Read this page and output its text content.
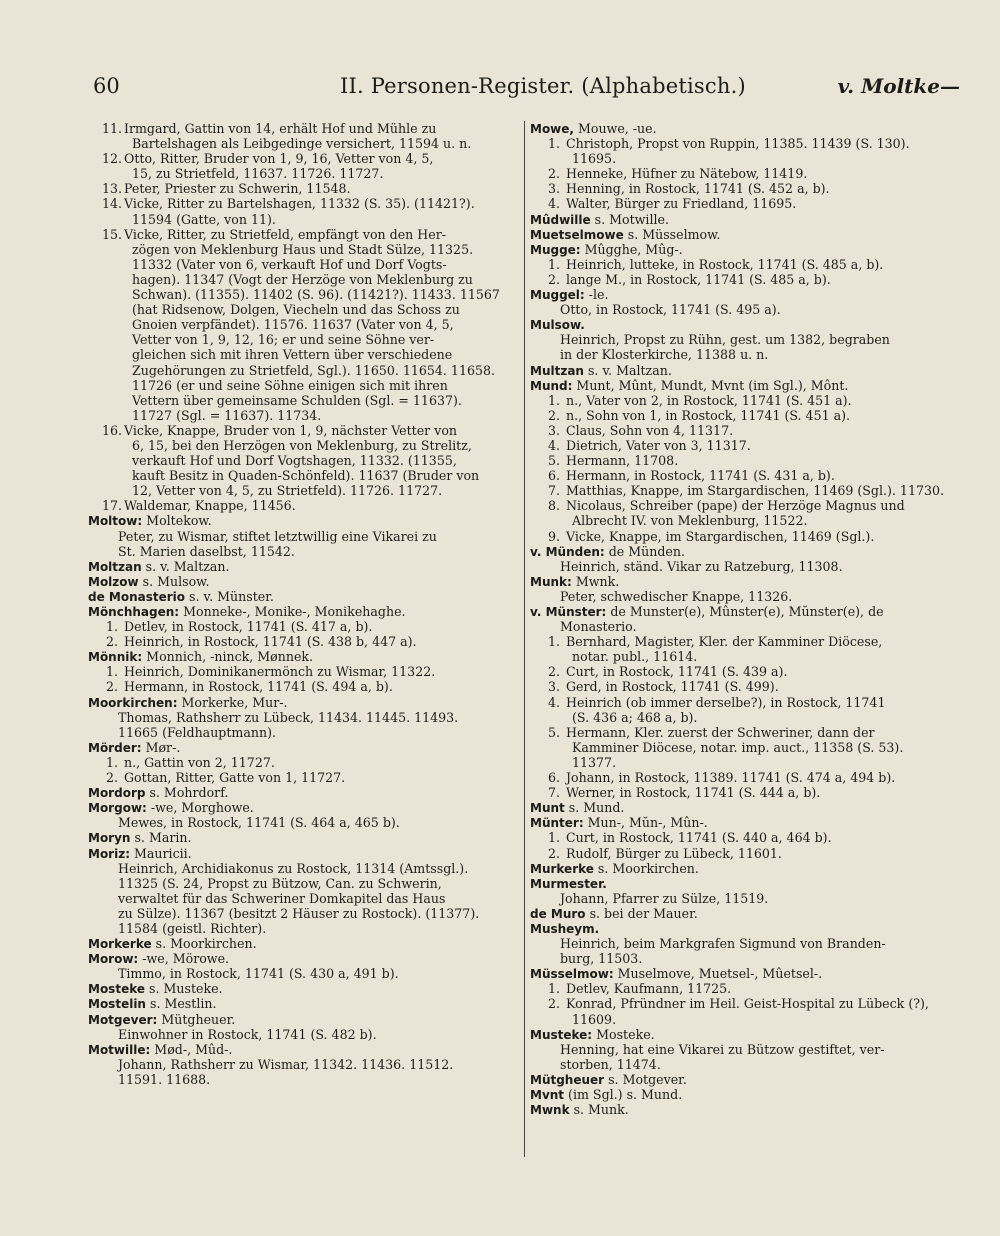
60	II. Personen-Register. (Alphabetisch.)	v. Moltke—
11. Irmgard, Gattin von 14, erhält Hof und Mühle zu
Bartelshagen als Leibgedinge versichert, 11594 u. n.
12. Otto, Ritter, Bruder von 1, 9, 16, Vetter von 4, 5,
15, zu Strietfeld, 11637. 11726. 11727.
13. Peter, Priester zu Schwerin, 11548.
14. Vicke, Ritter zu Bartelshagen, 11332 (S. 35). (11421?).
11594 (Gatte, von 11).
15. Vicke, Ritter, zu Strietfeld, empfängt von den Her-
zögen von Meklenburg Haus und Stadt Sülze, 11325.
11332 (Vater von 6, verkauft Hof und Dorf Vogts-
hagen). 11347 (Vogt der Herzöge von Meklenburg zu
Schwan). (11355). 11402 (S. 96). (11421?). 11433. 11567
(hat Ridsenow, Dolgen, Viecheln und das Schoss zu
Gnoien verpfändet). 11576. 11637 (Vater von 4, 5,
Vetter von 1, 9, 12, 16; er und seine Söhne ver-
gleichen sich mit ihren Vettern über verschiedene
Zugehörungen zu Strietfeld, Sgl.). 11650. 11654. 11658.
11726 (er und seine Söhne einigen sich mit ihren
Vettern über gemeinsame Schulden (Sgl. = 11637).
11727 (Sgl. = 11637). 11734.
16. Vicke, Knappe, Bruder von 1, 9, nächster Vetter von
6, 15, bei den Herzögen von Meklenburg, zu Strelitz,
verkauft Hof und Dorf Vogtshagen, 11332. (11355,
kauft Besitz in Quaden-Schönfeld). 11637 (Bruder von
12, Vetter von 4, 5, zu Strietfeld). 11726. 11727.
17. Waldemar, Knappe, 11456.
Moltow: Moltekow.
Peter, zu Wismar, stiftet letztwillig eine Vikarei zu
St. Marien daselbst, 11542.
Moltzan s. v. Maltzan.
Molzow s. Mulsow.
de Monasterio s. v. Münster.
Mönchhagen: Monneke-, Monike-, Monikehaghe.
1. Detlev, in Rostock, 11741 (S. 417 a, b).
2. Heinrich, in Rostock, 11741 (S. 438 b, 447 a).
Mönnik: Monnich, -ninck, Mønnek.
1. Heinrich, Dominikanermönch zu Wismar, 11322.
2. Hermann, in Rostock, 11741 (S. 494 a, b).
Moorkirchen: Morkerke, Mur-.
Thomas, Rathsherr zu Lübeck, 11434. 11445. 11493.
11665 (Feldhauptmann).
Mörder: Mør-.
1. n., Gattin von 2, 11727.
2. Gottan, Ritter, Gatte von 1, 11727.
Mordorp s. Mohrdorf.
Morgow: -we, Morghowe.
Mewes, in Rostock, 11741 (S. 464 a, 465 b).
Moryn s. Marin.
Moriz: Mauricii.
Heinrich, Archidiakonus zu Rostock, 11314 (Amtssgl.).
11325 (S. 24, Propst zu Bützow, Can. zu Schwerin,
verwaltet für das Schweriner Domkapitel das Haus
zu Sülze). 11367 (besitzt 2 Häuser zu Rostock). (11377).
11584 (geistl. Richter).
Morkerke s. Moorkirchen.
Morow: -we, Mörowe.
Timmo, in Rostock, 11741 (S. 430 a, 491 b).
Mosteke s. Musteke.
Mostelin s. Mestlin.
Motgever: Mütgheuer.
Einwohner in Rostock, 11741 (S. 482 b).
Motwille: Mød-, Mûd-.
Johann, Rathsherr zu Wismar, 11342. 11436. 11512.
11591. 11688.
Mowe, Mouwe, -ue.
1. Christoph, Propst von Ruppin, 11385. 11439 (S. 130).
11695.
2. Henneke, Hüfner zu Nätebow, 11419.
3. Henning, in Rostock, 11741 (S. 452 a, b).
4. Walter, Bürger zu Friedland, 11695.
Mûdwille s. Motwille.
Muetselmowe s. Müsselmow.
Mugge: Mûgghe, Mûg-.
1. Heinrich, lutteke, in Rostock, 11741 (S. 485 a, b).
2. lange M., in Rostock, 11741 (S. 485 a, b).
Muggel: -le.
Otto, in Rostock, 11741 (S. 495 a).
Mulsow.
Heinrich, Propst zu Rühn, gest. um 1382, begraben
in der Klosterkirche, 11388 u. n.
Multzan s. v. Maltzan.
Mund: Munt, Mûnt, Mundt, Mvnt (im Sgl.), Mônt.
1. n., Vater von 2, in Rostock, 11741 (S. 451 a).
2. n., Sohn von 1, in Rostock, 11741 (S. 451 a).
3. Claus, Sohn von 4, 11317.
4. Dietrich, Vater von 3, 11317.
5. Hermann, 11708.
6. Hermann, in Rostock, 11741 (S. 431 a, b).
7. Matthias, Knappe, im Stargardischen, 11469 (Sgl.). 11730.
8. Nicolaus, Schreiber (pape) der Herzöge Magnus und
Albrecht IV. von Meklenburg, 11522.
9. Vicke, Knappe, im Stargardischen, 11469 (Sgl.).
v. Münden: de Münden.
Heinrich, ständ. Vikar zu Ratzeburg, 11308.
Munk: Mwnk.
Peter, schwedischer Knappe, 11326.
v. Münster: de Munster(e), Mûnster(e), Mŭnster(e), de
Monasterio.
1. Bernhard, Magister, Kler. der Kamminer Diöcese,
notar. publ., 11614.
2. Curt, in Rostock, 11741 (S. 439 a).
3. Gerd, in Rostock, 11741 (S. 499).
4. Heinrich (ob immer derselbe?), in Rostock, 11741
(S. 436 a; 468 a, b).
5. Hermann, Kler. zuerst der Schweriner, dann der
Kamminer Diöcese, notar. imp. auct., 11358 (S. 53).
11377.
6. Johann, in Rostock, 11389. 11741 (S. 474 a, 494 b).
7. Werner, in Rostock, 11741 (S. 444 a, b).
Munt s. Mund.
Münter: Mun-, Mŭn-, Mûn-.
1. Curt, in Rostock, 11741 (S. 440 a, 464 b).
2. Rudolf, Bürger zu Lübeck, 11601.
Murkerke s. Moorkirchen.
Murmester.
Johann, Pfarrer zu Sülze, 11519.
de Muro s. bei der Mauer.
Musheym.
Heinrich, beim Markgrafen Sigmund von Branden-
burg, 11503.
Müsselmow: Muselmove, Muetsel-, Mûetsel-.
1. Detlev, Kaufmann, 11725.
2. Konrad, Pfründner im Heil. Geist-Hospital zu Lübeck (?),
11609.
Musteke: Mosteke.
Henning, hat eine Vikarei zu Bützow gestiftet, ver-
storben, 11474.
Mütgheuer s. Motgever.
Mvnt (im Sgl.) s. Mund.
Mwnk s. Munk.
